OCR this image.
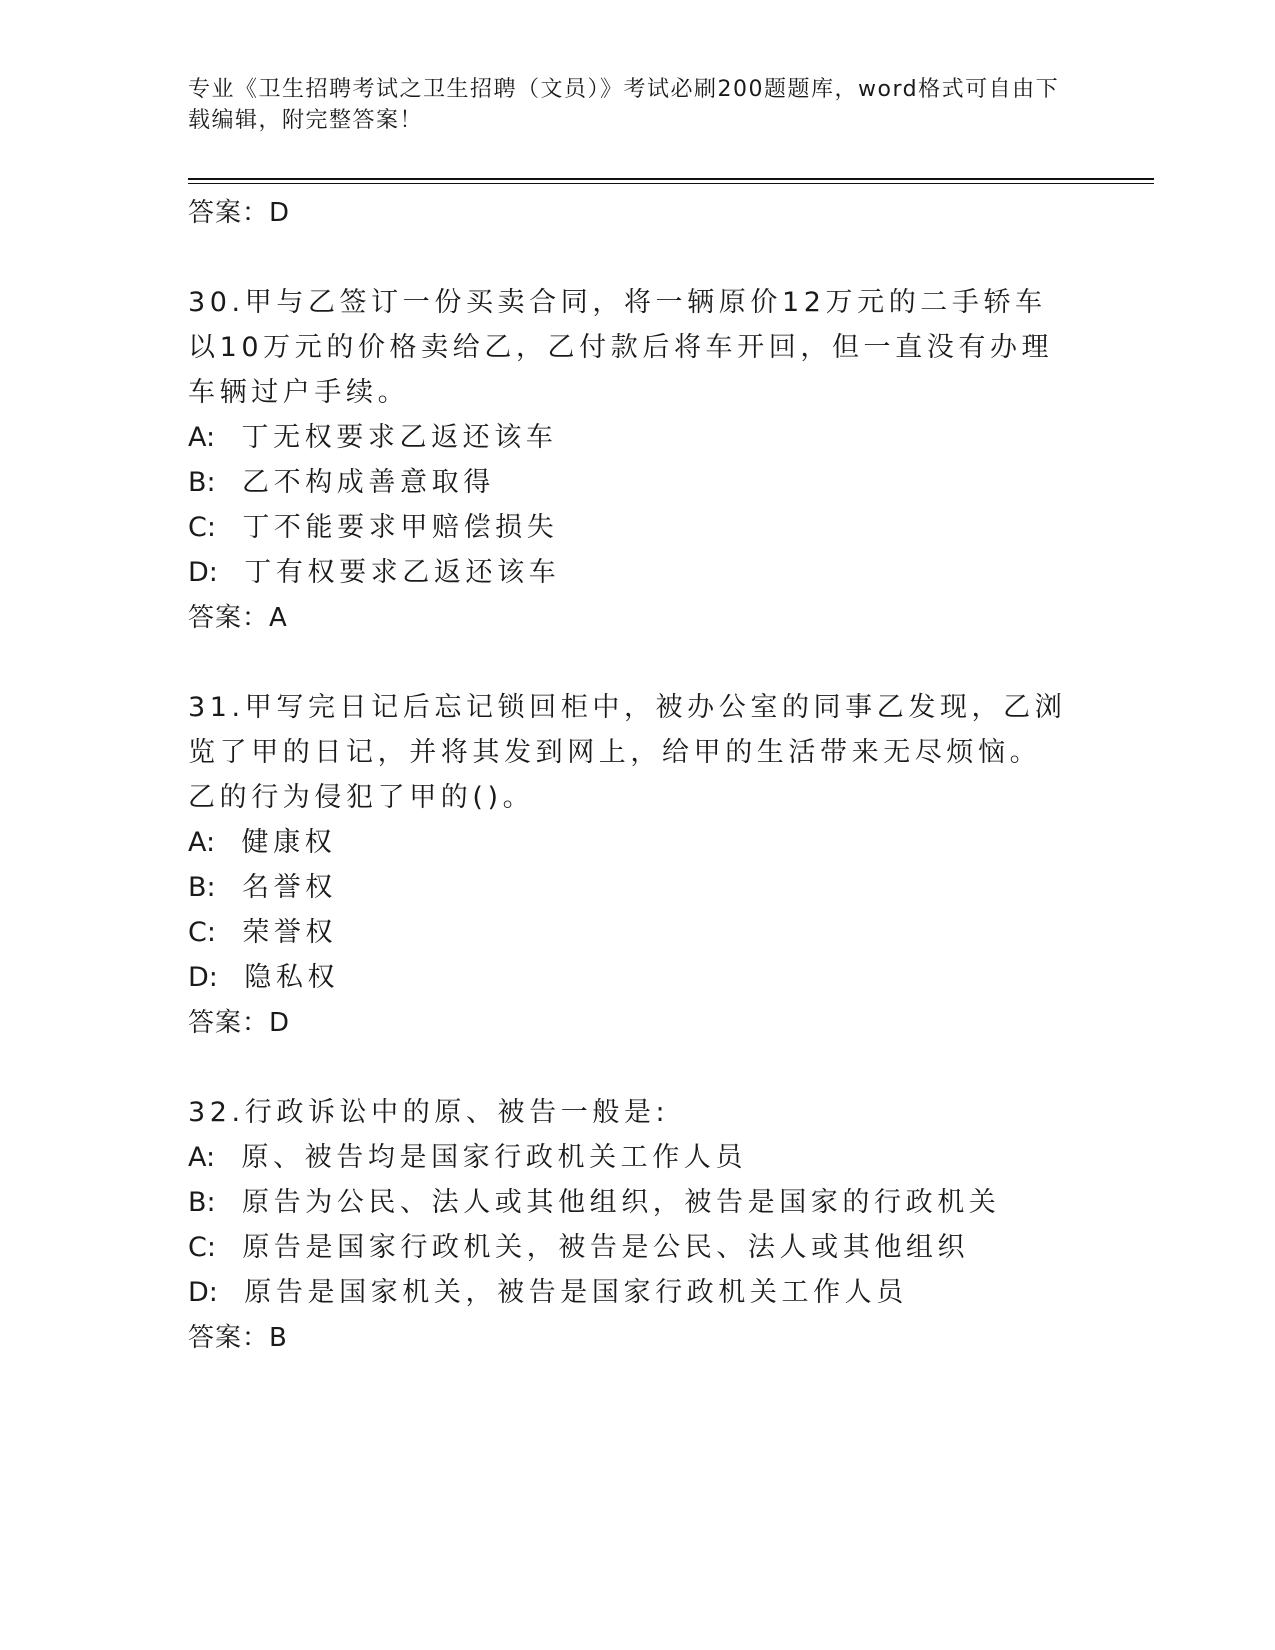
专业《卫生招聘考试之卫生招聘（文员）》考试必刷200题题库，word格式可自由下载编辑，附完整答案！
答案：D
30.甲与乙签订一份买卖合同，将一辆原价12万元的二手轿车以10万元的价格卖给乙，乙付款后将车开回，但一直没有办理车辆过户手续。
A: 丁无权要求乙返还该车
B: 乙不构成善意取得
C: 丁不能要求甲赔偿损失
D: 丁有权要求乙返还该车
答案：A
31.甲写完日记后忘记锁回柜中，被办公室的同事乙发现，乙浏览了甲的日记，并将其发到网上，给甲的生活带来无尽烦恼。乙的行为侵犯了甲的()。
A: 健康权
B: 名誉权
C: 荣誉权
D: 隐私权
答案：D
32.行政诉讼中的原、被告一般是:
A: 原、被告均是国家行政机关工作人员
B: 原告为公民、法人或其他组织，被告是国家的行政机关
C: 原告是国家行政机关，被告是公民、法人或其他组织
D: 原告是国家机关，被告是国家行政机关工作人员
答案：B
